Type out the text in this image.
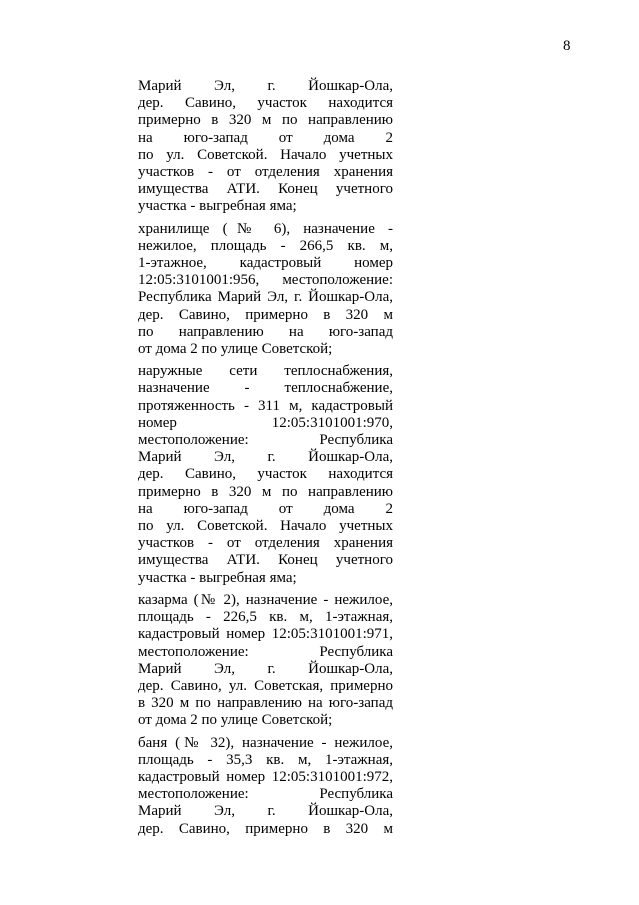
8
Марий Эл, г. Йошкар-Ола,
дер. Савино, участок находится
примерно в 320 м по направлению
на юго-запад от дома 2
по ул. Советской. Начало учетных
участков - от отделения хранения
имущества АТИ. Конец учетного
участка - выгребная яма;
хранилище (№ 6), назначение -
нежилое, площадь - 266,5 кв. м,
1-этажное, кадастровый номер
12:05:3101001:956, местоположение:
Республика Марий Эл, г. Йошкар-Ола,
дер. Савино, примерно в 320 м
по направлению на юго-запад
от дома 2 по улице Советской;
наружные сети теплоснабжения,
назначение - теплоснабжение,
протяженность - 311 м, кадастровый
номер 12:05:3101001:970,
местоположение: Республика
Марий Эл, г. Йошкар-Ола,
дер. Савино, участок находится
примерно в 320 м по направлению
на юго-запад от дома 2
по ул. Советской. Начало учетных
участков - от отделения хранения
имущества АТИ. Конец учетного
участка - выгребная яма;
казарма (№ 2), назначение - нежилое,
площадь - 226,5 кв. м, 1-этажная,
кадастровый номер 12:05:3101001:971,
местоположение: Республика
Марий Эл, г. Йошкар-Ола,
дер. Савино, ул. Советская, примерно
в 320 м по направлению на юго-запад
от дома 2 по улице Советской;
баня (№ 32), назначение - нежилое,
площадь - 35,3 кв. м, 1-этажная,
кадастровый номер 12:05:3101001:972,
местоположение: Республика
Марий Эл, г. Йошкар-Ола,
дер. Савино, примерно в 320 м
